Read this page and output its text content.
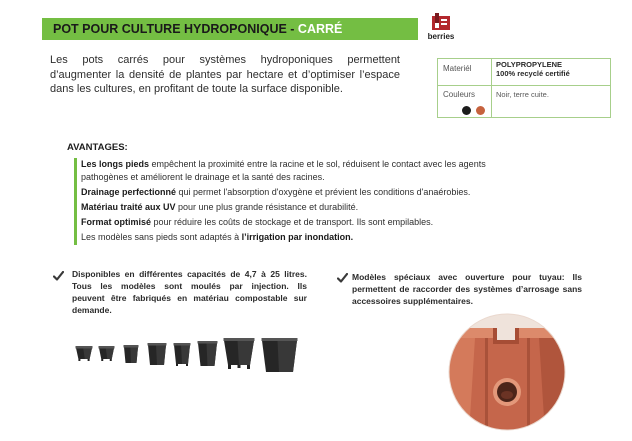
POT POUR CULTURE HYDROPONIQUE - CARRÉ
berries
Les pots carrés pour systèmes hydroponiques permettent
d’augmenter la densité de plantes par hectare et d’optimiser l’espace
dans les cultures, en profitant de toute la surface disponible.
Materiél	POLYPROPYLENE
100% recyclé certifié
Couleurs	Noir, terre cuite.
AVANTAGES:
Les longs pieds empêchent la proximité entre la racine et le sol, réduisent le contact avec les agents
pathogènes et améliorent le drainage et la santé des racines.
Drainage perfectionné qui permet l'absorption d'oxygène et prévient les conditions d'anaérobies.
Matériau traité aux UV pour une plus grande résistance et durabilité.
Format optimisé pour réduire les coûts de stockage et de transport. Ils sont empilables.
Les modèles sans pieds sont adaptés à l’irrigation par inondation.
Disponibles en différentes capacités de 4,7 à 25 litres.
Tous les modèles sont moulés par injection. Ils
peuvent être fabriqués en matériau compostable sur
demande.
Modèles spéciaux avec ouverture pour tuyau: Ils
permettent de raccorder des systèmes d’arrosage sans
accessoires supplémentaires.
